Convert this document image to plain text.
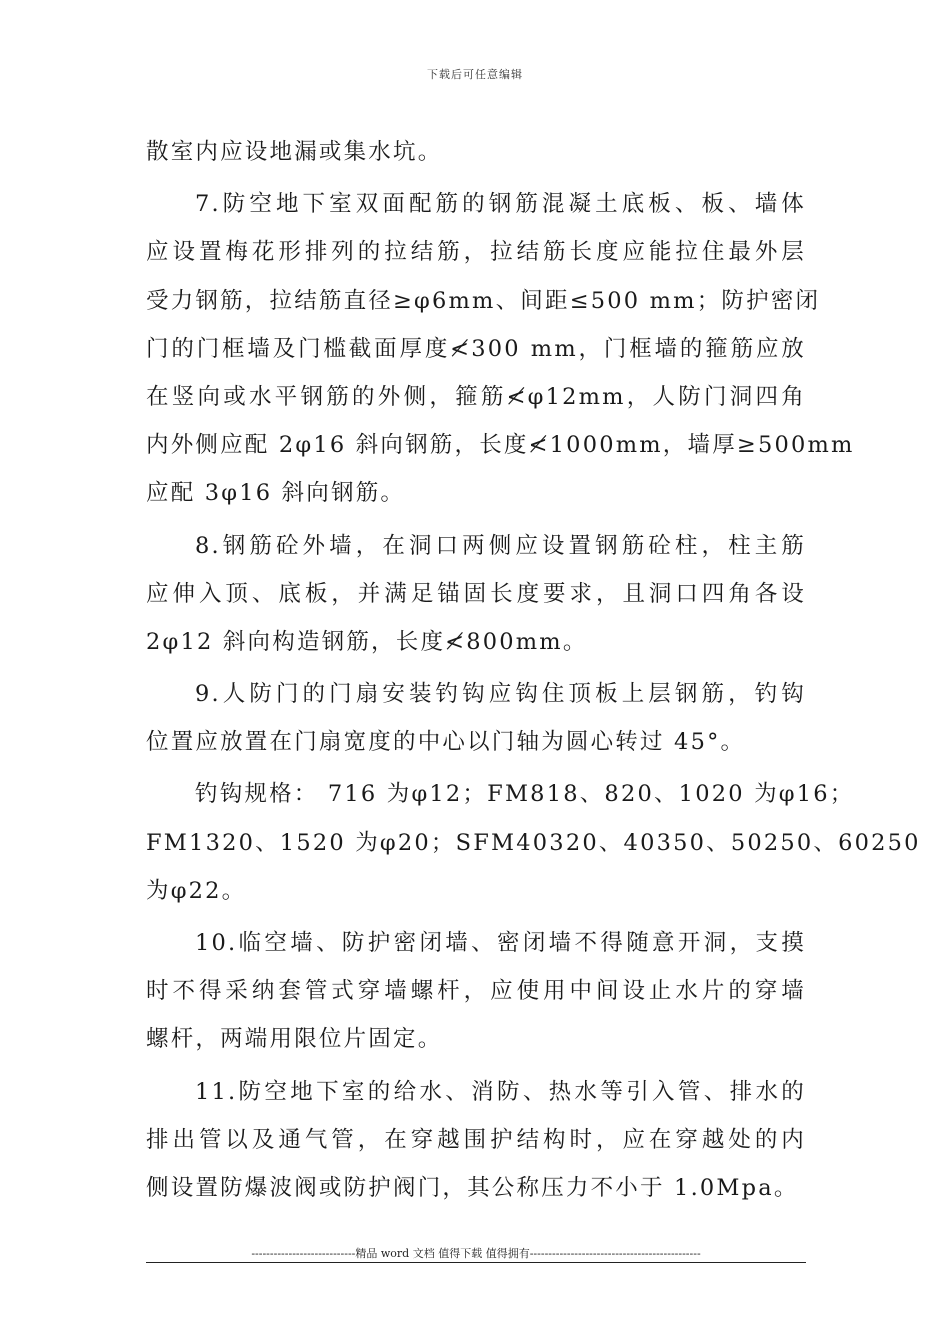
下载后可任意编辑
散室内应设地漏或集水坑。
7.防空地下室双面配筋的钢筋混凝土底板、板、墙体
应设置梅花形排列的拉结筋，拉结筋长度应能拉住最外层
受力钢筋，拉结筋直径≥φ6mm、间距≤500 mm；防护密闭
门的门框墙及门槛截面厚度≮300 mm，门框墙的箍筋应放
在竖向或水平钢筋的外侧，箍筋≮φ12mm，人防门洞四角
内外侧应配 2φ16 斜向钢筋，长度≮1000mm，墙厚≥500mm
应配 3φ16 斜向钢筋。
8.钢筋砼外墙，在洞口两侧应设置钢筋砼柱，柱主筋
应伸入顶、底板，并满足锚固长度要求，且洞口四角各设
2φ12 斜向构造钢筋，长度≮800mm。
9.人防门的门扇安装钓钩应钩住顶板上层钢筋，钓钩
位置应放置在门扇宽度的中心以门轴为圆心转过 45°。
钓钩规格： 716 为φ12；FM818、820、1020 为φ16；
FM1320、1520 为φ20；SFM40320、40350、50250、60250
为φ22。
10.临空墙、防护密闭墙、密闭墙不得随意开洞，支摸
时不得采纳套管式穿墙螺杆，应使用中间设止水片的穿墙
螺杆，两端用限位片固定。
11.防空地下室的给水、消防、热水等引入管、排水的
排出管以及通气管，在穿越围护结构时，应在穿越处的内
侧设置防爆波阀或防护阀门，其公称压力不小于 1.0Mpa。
----------------------------精品 word 文档 值得下载 值得拥有----------------------------------------------
